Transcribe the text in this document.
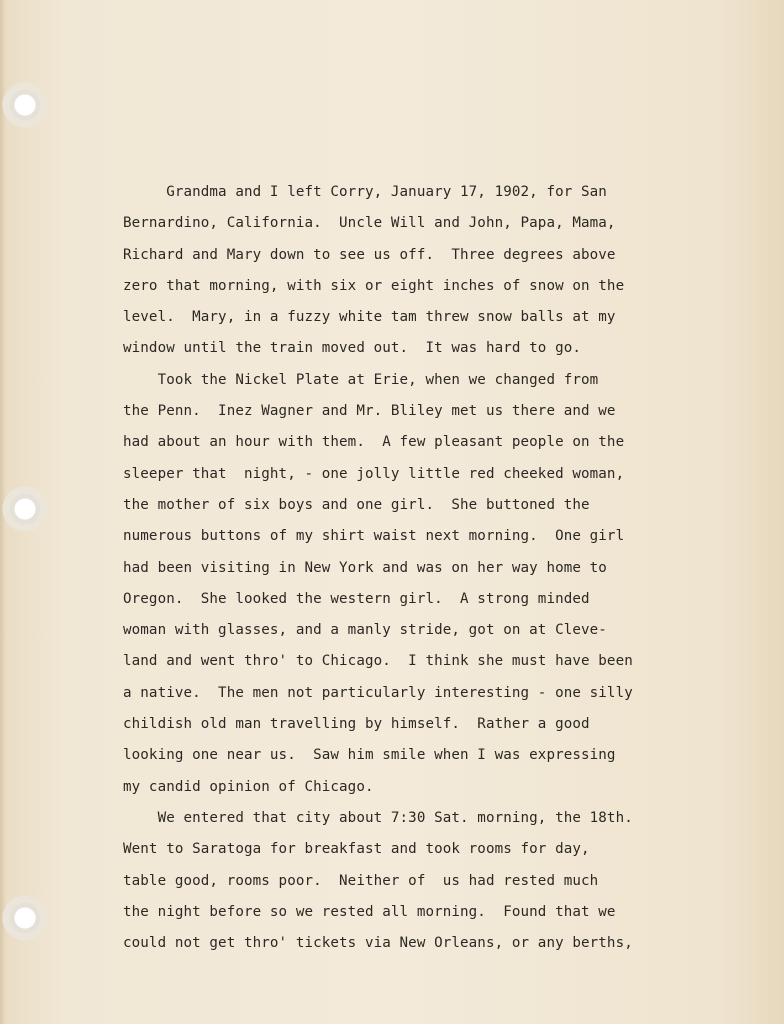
Grandma and I left Corry, January 17, 1902, for San
Bernardino, California.  Uncle Will and John, Papa, Mama,
Richard and Mary down to see us off.  Three degrees above
zero that morning, with six or eight inches of snow on the
level.  Mary, in a fuzzy white tam threw snow balls at my
window until the train moved out.  It was hard to go.
Took the Nickel Plate at Erie, when we changed from
the Penn.  Inez Wagner and Mr. Bliley met us there and we
had about an hour with them.  A few pleasant people on the
sleeper that  night, - one jolly little red cheeked woman,
the mother of six boys and one girl.  She buttoned the
numerous buttons of my shirt waist next morning.  One girl
had been visiting in New York and was on her way home to
Oregon.  She looked the western girl.  A strong minded
woman with glasses, and a manly stride, got on at Cleve-
land and went thro' to Chicago.  I think she must have been
a native.  The men not particularly interesting - one silly
childish old man travelling by himself.  Rather a good
looking one near us.  Saw him smile when I was expressing
my candid opinion of Chicago.
We entered that city about 7:30 Sat. morning, the 18th.
Went to Saratoga for breakfast and took rooms for day,
table good, rooms poor.  Neither of  us had rested much
the night before so we rested all morning.  Found that we
could not get thro' tickets via New Orleans, or any berths,
